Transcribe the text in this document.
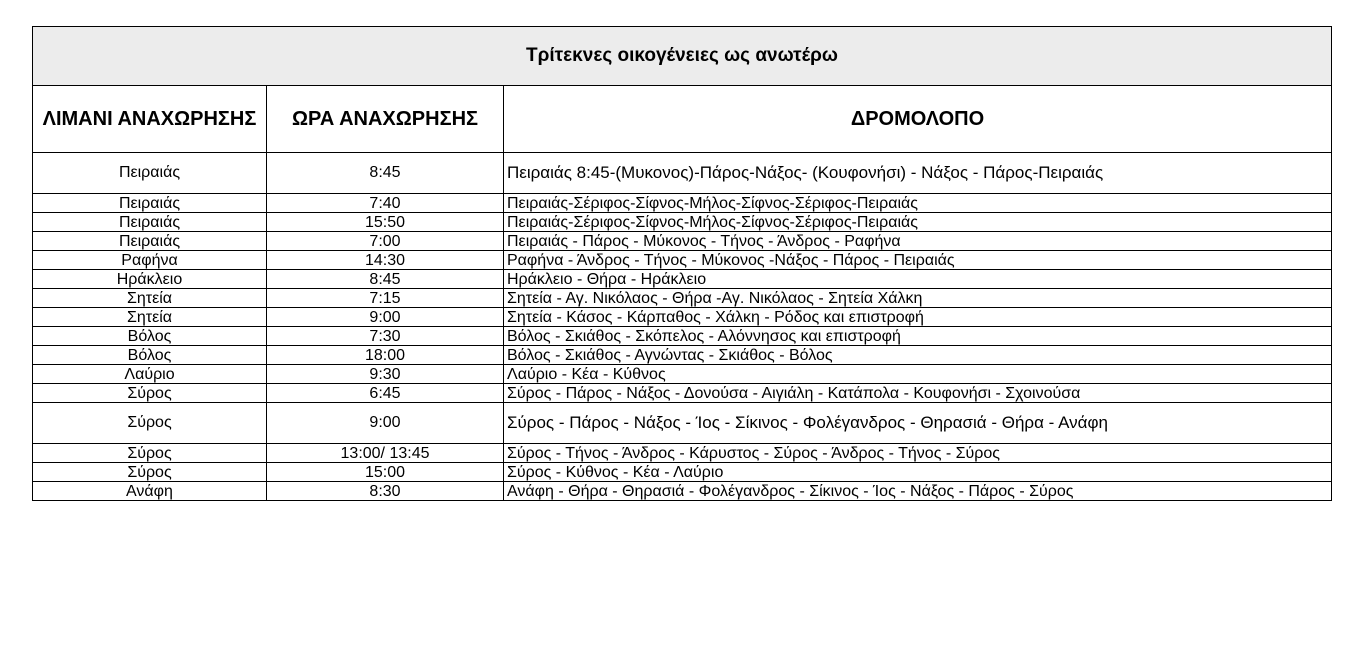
Τρίτεκνες οικογένειες ως ανωτέρω		
ΛΙΜΑΝΙ ΑΝΑΧΩΡΗΣΗΣ	ΩΡΑ ΑΝΑΧΩΡΗΣΗΣ	ΔΡΟΜΟΛΟΠΟ
Πειραιάς	8:45	Πειραιάς 8:45-(Μυκονος)-Πάρος-Νάξος- (Κουφονήσι) - Νάξος - Πάρος-Πειραιάς
Πειραιάς	7:40	Πειραιάς-Σέριφος-Σίφνος-Μήλος-Σίφνος-Σέριφος-Πειραιάς
Πειραιάς	15:50	Πειραιάς-Σέριφος-Σίφνος-Μήλος-Σίφνος-Σέριφος-Πειραιάς
Πειραιάς	7:00	Πειραιάς - Πάρος - Μύκονος - Τήνος - Άνδρος - Ραφήνα
Ραφήνα	14:30	Ραφήνα - Άνδρος - Τήνος - Μύκονος -Νάξος - Πάρος - Πειραιάς
Ηράκλειο	8:45	Ηράκλειο - Θήρα - Ηράκλειο
Σητεία	7:15	Σητεία - Αγ. Νικόλαος - Θήρα -Αγ. Νικόλαος - Σητεία Χάλκη
Σητεία	9:00	Σητεία - Κάσος - Κάρπαθος - Χάλκη - Ρόδος και επιστροφή
Βόλος	7:30	Βόλος - Σκιάθος - Σκόπελος - Αλόννησος και επιστροφή
Βόλος	18:00	Βόλος - Σκιάθος - Αγνώντας - Σκιάθος - Βόλος
Λαύριο	9:30	Λαύριο - Κέα - Κύθνος
Σύρος	6:45	Σύρος - Πάρος - Νάξος - Δονούσα - Αιγιάλη - Κατάπολα - Κουφονήσι - Σχοινούσα
Σύρος	9:00	Σύρος - Πάρος - Νάξος - Ίος - Σίκινος - Φολέγανδρος - Θηρασιά - Θήρα - Ανάφη
Σύρος	13:00/ 13:45	Σύρος - Τήνος - Άνδρος - Κάρυστος - Σύρος - Άνδρος - Τήνος - Σύρος
Σύρος	15:00	Σύρος - Κύθνος - Κέα - Λαύριο
Ανάφη	8:30	Ανάφη - Θήρα - Θηρασιά - Φολέγανδρος - Σίκινος - Ίος - Νάξος - Πάρος - Σύρος
